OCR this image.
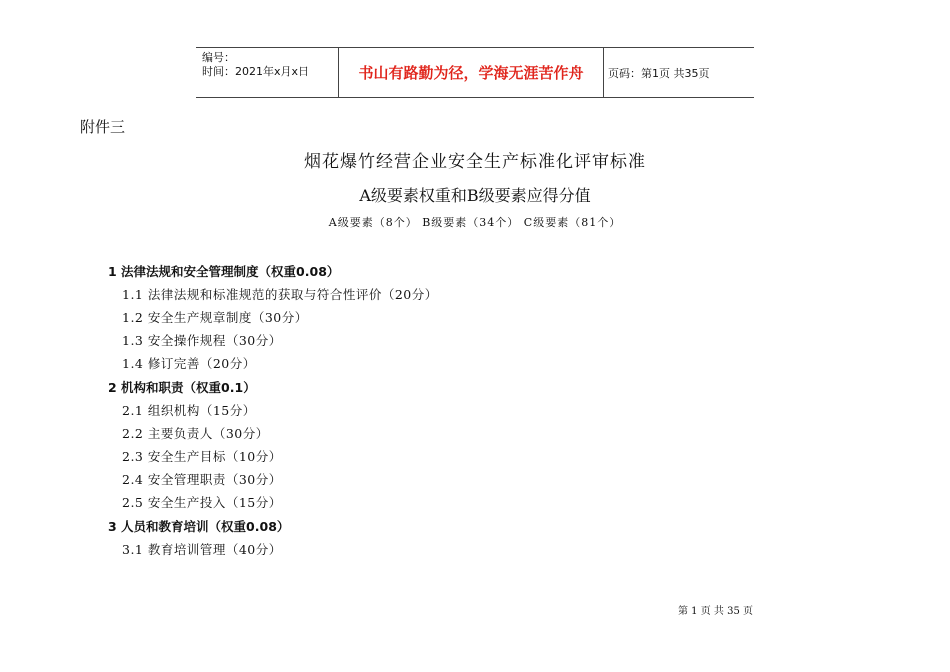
编号：
时间：2021年x月x日	书山有路勤为径，学海无涯苦作舟	页码：第1页 共35页
附件三
烟花爆竹经营企业安全生产标准化评审标准
A级要素权重和B级要素应得分值
A级要素（8个） B级要素（34个） C级要素（81个）
1 法律法规和安全管理制度（权重0.08）
1.1 法律法规和标准规范的获取与符合性评价（20分）
1.2 安全生产规章制度（30分）
1.3 安全操作规程（30分）
1.4 修订完善（20分）
2 机构和职责（权重0.1）
2.1 组织机构（15分）
2.2 主要负责人（30分）
2.3 安全生产目标（10分）
2.4 安全管理职责（30分）
2.5 安全生产投入（15分）
3 人员和教育培训（权重0.08）
3.1 教育培训管理（40分）
第 1 页 共 35 页
